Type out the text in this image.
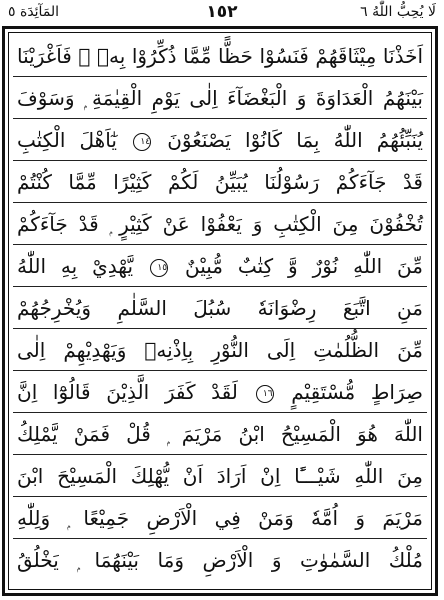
لَا يُحِبُّ اللّٰهُ ٦
١٥٢
المَآئِدَة ٥
اَخَذْنَا مِيْثَاقَهُمْ فَنَسُوْا حَظًّا مِّمَّا ذُكِّرُوْا بِهٖ ۚ فَاَغْرَيْنَا
بَيْنَهُمُ الْعَدَاوَةَ وَ الْبَغْضَآءَ اِلٰى يَوْمِ الْقِيٰمَةِ ۭ وَسَوْفَ
يُنَبِّئُهُمُ اللّٰهُ بِمَا كَانُوْا يَصْنَعُوْنَ ١٤ يٰٓاَهْلَ الْكِتٰبِ
قَدْ جَآءَكُمْ رَسُوْلُنَا يُبَيِّنُ لَكُمْ كَثِيْرًا مِّمَّا كُنْتُمْ
تُخْفُوْنَ مِنَ الْكِتٰبِ وَ يَعْفُوْا عَنْ كَثِيْرٍ ۭ قَدْ جَآءَكُمْ
مِّنَ اللّٰهِ نُوْرٌ وَّ كِتٰبٌ مُّبِيْنٌ ١٥ يَّهْدِيْ بِهِ اللّٰهُ
مَنِ اتَّبَعَ رِضْوَانَهٗ سُبُلَ السَّلٰمِ وَيُخْرِجُهُمْ
مِّنَ الظُّلُمٰتِ اِلَى النُّوْرِ بِاِذْنِهٖ وَيَهْدِيْهِمْ اِلٰى
صِرَاطٍ مُّسْتَقِيْمٍ ١٦ لَقَدْ كَفَرَ الَّذِيْنَ قَالُوْٓا اِنَّ
اللّٰهَ هُوَ الْمَسِيْحُ ابْنُ مَرْيَمَ ۭ قُلْ فَمَنْ يَّمْلِكُ
مِنَ اللّٰهِ شَيْـــًٔا اِنْ اَرَادَ اَنْ يُّهْلِكَ الْمَسِيْحَ ابْنَ
مَرْيَمَ وَ اُمَّهٗ وَمَنْ فِي الْاَرْضِ جَمِيْعًا ۭ وَلِلّٰهِ
مُلْكُ السَّمٰوٰتِ وَ الْاَرْضِ وَمَا بَيْنَهُمَا ۭ يَخْلُقُ
